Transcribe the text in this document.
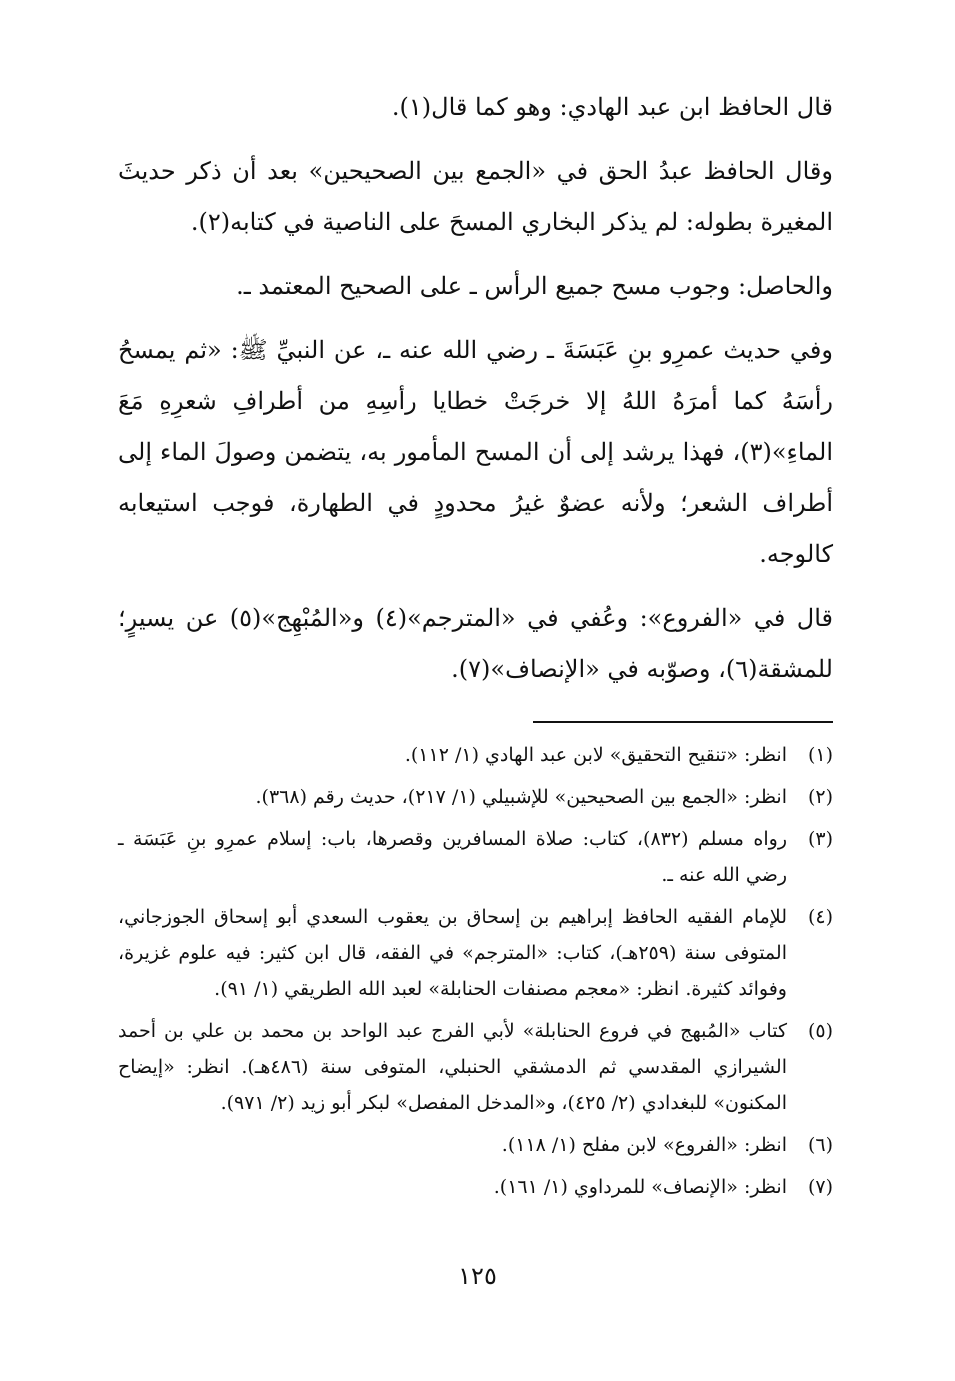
قال الحافظ ابن عبد الهادي: وهو كما قال(١).

وقال الحافظ عبدُ الحق في «الجمع بين الصحيحين» بعد أن ذكر حديثَ المغيرة بطوله: لم يذكر البخاري المسحَ على الناصية في كتابه(٢).

والحاصل: وجوب مسح جميع الرأس ـ على الصحيح المعتمد ـ.

وفي حديث عمرِو بنِ عَبَسَةَ ـ رضي الله عنه ـ، عن النبيِّ ﷺ: «ثم يمسحُ رأسَهُ كما أمرَهُ اللهُ إلا خرجَتْ خطايا رأسِهِ من أطرافِ شعرِهِ مَعَ الماءِ»(٣)، فهذا يرشد إلى أن المسح المأمور به، يتضمن وصولَ الماء إلى أطراف الشعر؛ ولأنه عضوٌ غيرُ محدودٍ في الطهارة، فوجب استيعابه كالوجه.

قال في «الفروع»: وعُفي في «المترجم»(٤) و«المُبْهِج»(٥) عن يسيرٍ؛ للمشقة(٦)، وصوّبه في «الإنصاف»(٧).

(١)
انظر: «تنقيح التحقيق» لابن عبد الهادي (١/ ١١٢).
(٢)
انظر: «الجمع بين الصحيحين» للإشبيلي (١/ ٢١٧)، حديث رقم (٣٦٨).
(٣)
رواه مسلم (٨٣٢)، كتاب: صلاة المسافرين وقصرها، باب: إسلام عمرِو بنِ عَبَسَة ـ رضي الله عنه ـ.
(٤)
للإمام الفقيه الحافظ إبراهيم بن إسحاق بن يعقوب السعدي أبو إسحاق الجوزجاني، المتوفى سنة (٢٥٩هـ)، كتاب: «المترجم» في الفقه، قال ابن كثير: فيه علوم غزيرة، وفوائد كثيرة. انظر: «معجم مصنفات الحنابلة» لعبد الله الطريقي (١/ ٩١).
(٥)
كتاب «المُبهج في فروع الحنابلة» لأبي الفرج عبد الواحد بن محمد بن علي بن أحمد الشيرازي المقدسي ثم الدمشقي الحنبلي، المتوفى سنة (٤٨٦هـ). انظر: «إيضاح المكنون» للبغدادي (٢/ ٤٢٥)، و«المدخل المفصل» لبكر أبو زيد (٢/ ٩٧١).
(٦)
انظر: «الفروع» لابن مفلح (١/ ١١٨).
(٧)
انظر: «الإنصاف» للمرداوي (١/ ١٦١).
١٢٥
